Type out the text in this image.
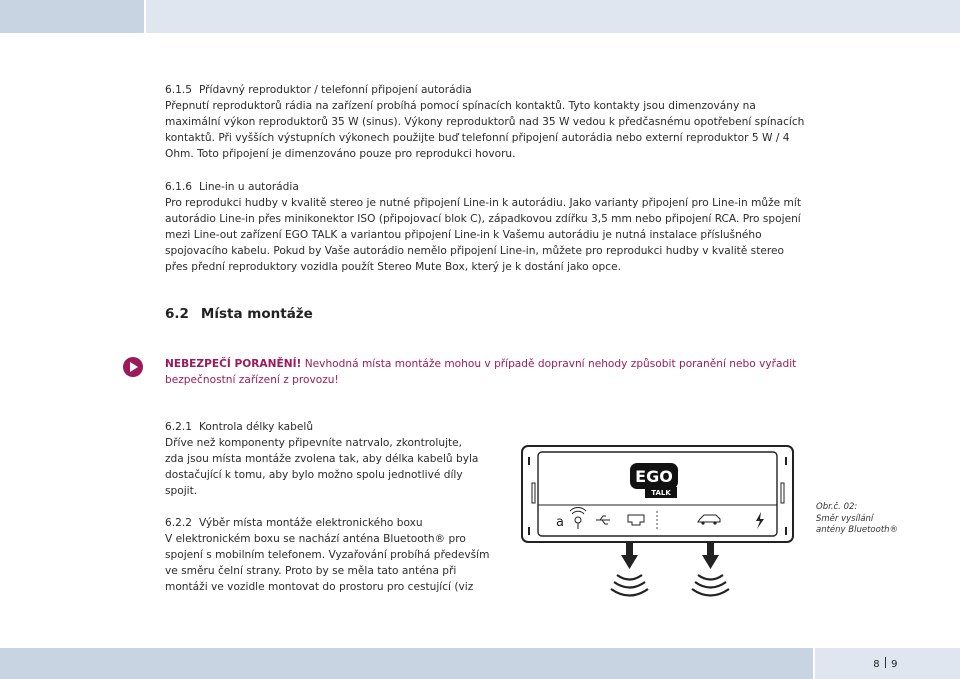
6.1.5 Přídavný reproduktor / telefonní připojení autorádia

Přepnutí reproduktorů rádia na zařízení probíhá pomocí spínacích kontaktů. Tyto kontakty jsou dimenzovány na

maximální výkon reproduktorů 35 W (sinus). Výkony reproduktorů nad 35 W vedou k předčasnému opotřebení spínacích

kontaktů. Při vyšších výstupních výkonech použijte buď telefonní připojení autorádia nebo externí reproduktor 5 W / 4

Ohm. Toto připojení je dimenzováno pouze pro reprodukci hovoru.

6.1.6 Line-in u autorádia

Pro reprodukci hudby v kvalitě stereo je nutné připojení Line-in k autorádiu. Jako varianty připojení pro Line-in může mít

autorádio Line-in přes minikonektor ISO (připojovací blok C), západkovou zdířku 3,5 mm nebo připojení RCA. Pro spojení

mezi Line-out zařízení EGO TALK a variantou připojení Line-in k Vašemu autorádiu je nutná instalace příslušného

spojovacího kabelu. Pokud by Vaše autorádio nemělo připojení Line-in, můžete pro reprodukci hudby v kvalitě stereo

přes přední reproduktory vozidla použít Stereo Mute Box, který je k dostání jako opce.

6.2 Místa montáže

NEBEZPEČÍ PORANĚNÍ! Nevhodná místa montáže mohou v případě dopravní nehody způsobit poranění nebo vyřadit

bezpečnostní zařízení z provozu!

6.2.1 Kontrola délky kabelů

Dříve než komponenty připevníte natrvalo, zkontrolujte,

zda jsou místa montáže zvolena tak, aby délka kabelů byla

dostačující k tomu, aby bylo možno spolu jednotlivé díly

spojit.

6.2.2 Výběr místa montáže elektronického boxu

V elektronickém boxu se nachází anténa Bluetooth® pro

spojení s mobilním telefonem. Vyzařování probíhá především

ve směru čelní strany. Proto by se měla tato anténa při

montáži ve vozidle montovat do prostoru pro cestující (viz

EGO
TALK
a

Obr.č. 02:

Směr vysílání

antény Bluetooth®

8 9
